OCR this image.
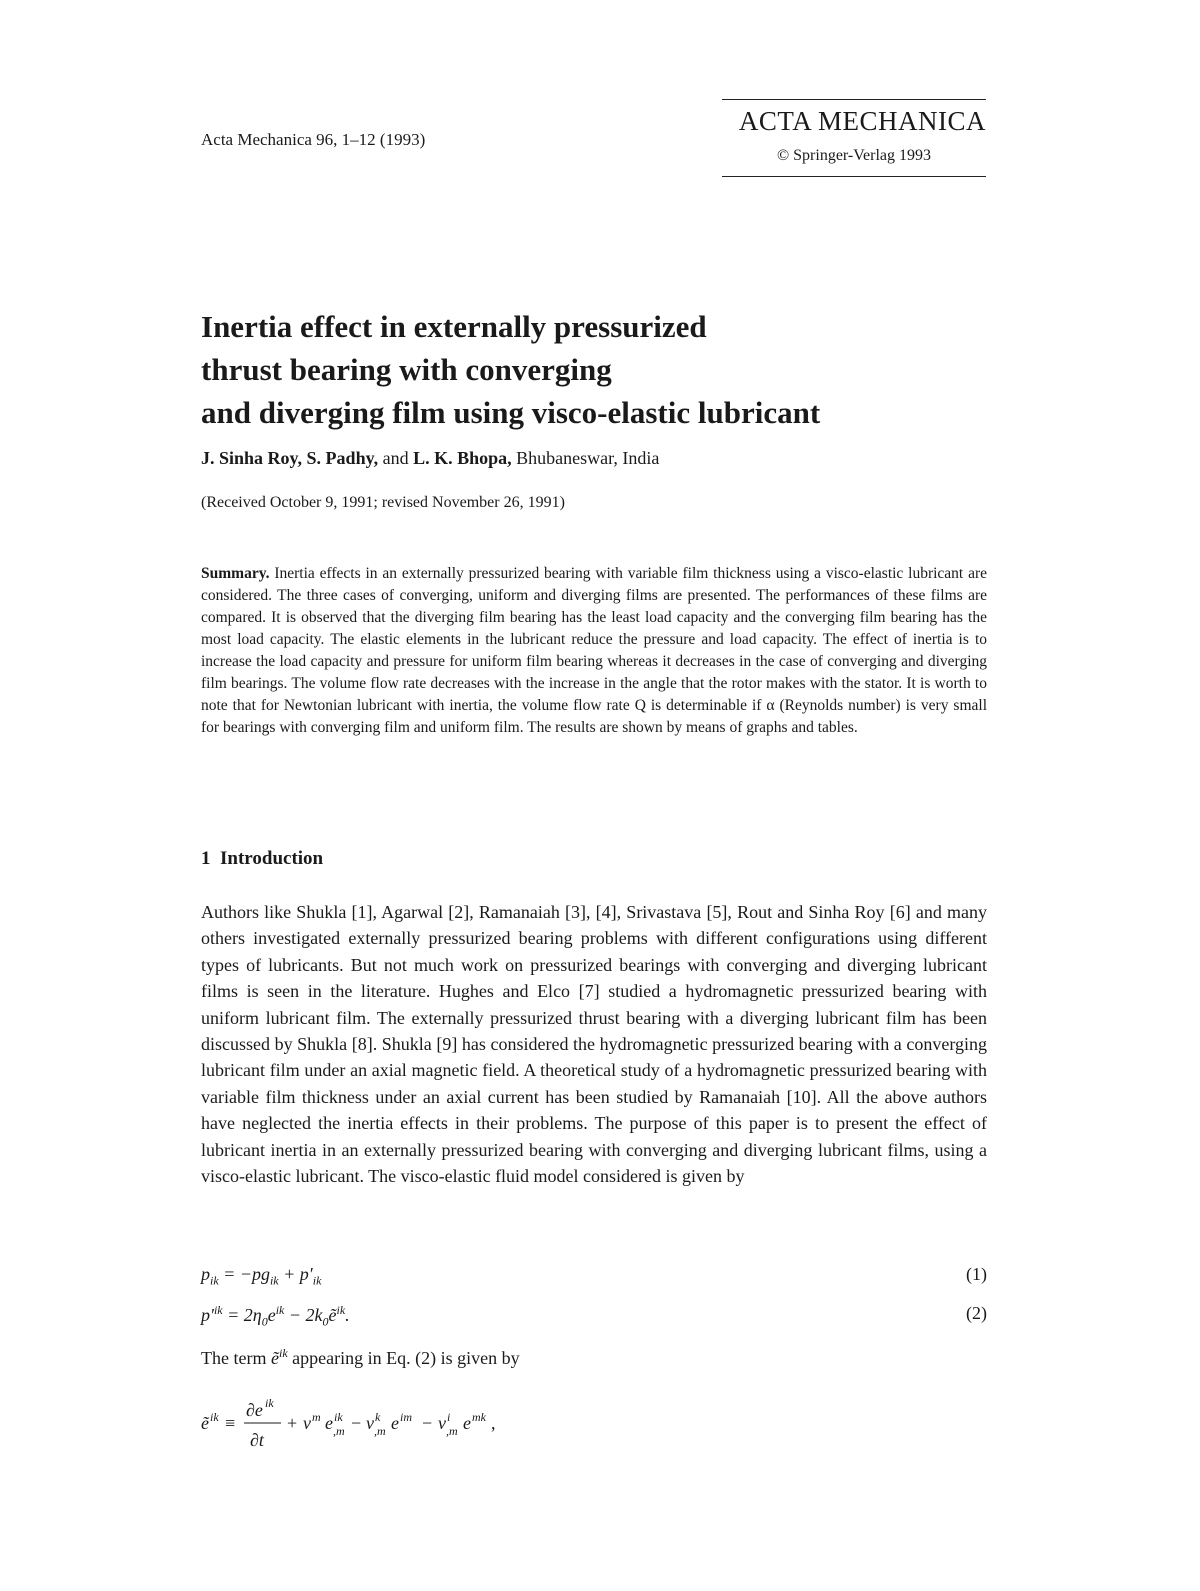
Acta Mechanica 96, 1–12 (1993)
ACTA MECHANICA
© Springer-Verlag 1993
Inertia effect in externally pressurized
thrust bearing with converging
and diverging film using visco-elastic lubricant
J. Sinha Roy, S. Padhy, and L. K. Bhopa, Bhubaneswar, India
(Received October 9, 1991; revised November 26, 1991)

Summary. Inertia effects in an externally pressurized bearing with variable film thickness using a visco-elastic lubricant are considered. The three cases of converging, uniform and diverging films are presented. The performances of these films are compared. It is observed that the diverging film bearing has the least load capacity and the converging film bearing has the most load capacity. The elastic elements in the lubricant reduce the pressure and load capacity. The effect of inertia is to increase the load capacity and pressure for uniform film bearing whereas it decreases in the case of converging and diverging film bearings. The volume flow rate decreases with the increase in the angle that the rotor makes with the stator. It is worth to note that for Newtonian lubricant with inertia, the volume flow rate Q is determinable if α (Reynolds number) is very small for bearings with converging film and uniform film. The results are shown by means of graphs and tables.

1 Introduction

Authors like Shukla [1], Agarwal [2], Ramanaiah [3], [4], Srivastava [5], Rout and Sinha Roy [6] and many others investigated externally pressurized bearing problems with different configurations using different types of lubricants. But not much work on pressurized bearings with converging and diverging lubricant films is seen in the literature. Hughes and Elco [7] studied a hydromagnetic pressurized bearing with uniform lubricant film. The externally pressurized thrust bearing with a diverging lubricant film has been discussed by Shukla [8]. Shukla [9] has considered the hydromagnetic pressurized bearing with a converging lubricant film under an axial magnetic field. A theoretical study of a hydromagnetic pressurized bearing with variable film thickness under an axial current has been studied by Ramanaiah [10]. All the above authors have neglected the inertia effects in their problems. The purpose of this paper is to present the effect of lubricant inertia in an externally pressurized bearing with converging and diverging lubricant films, using a visco-elastic lubricant. The visco-elastic fluid model considered is given by

$p_{ik} = -pg_{ik} + p'_{ik}$	(1)
$p'^{ik} = 2\eta_0e^{ik}$ − $2k_0ẽ^{ik}$.	(2)
The term ẽ$^{ik}$ appearing in Eq. (2) is given by
ẽ ik ≡
∂e ik
∂t
+ v m e ik
,m − v k
,m e im − v i
,m e mk ,
